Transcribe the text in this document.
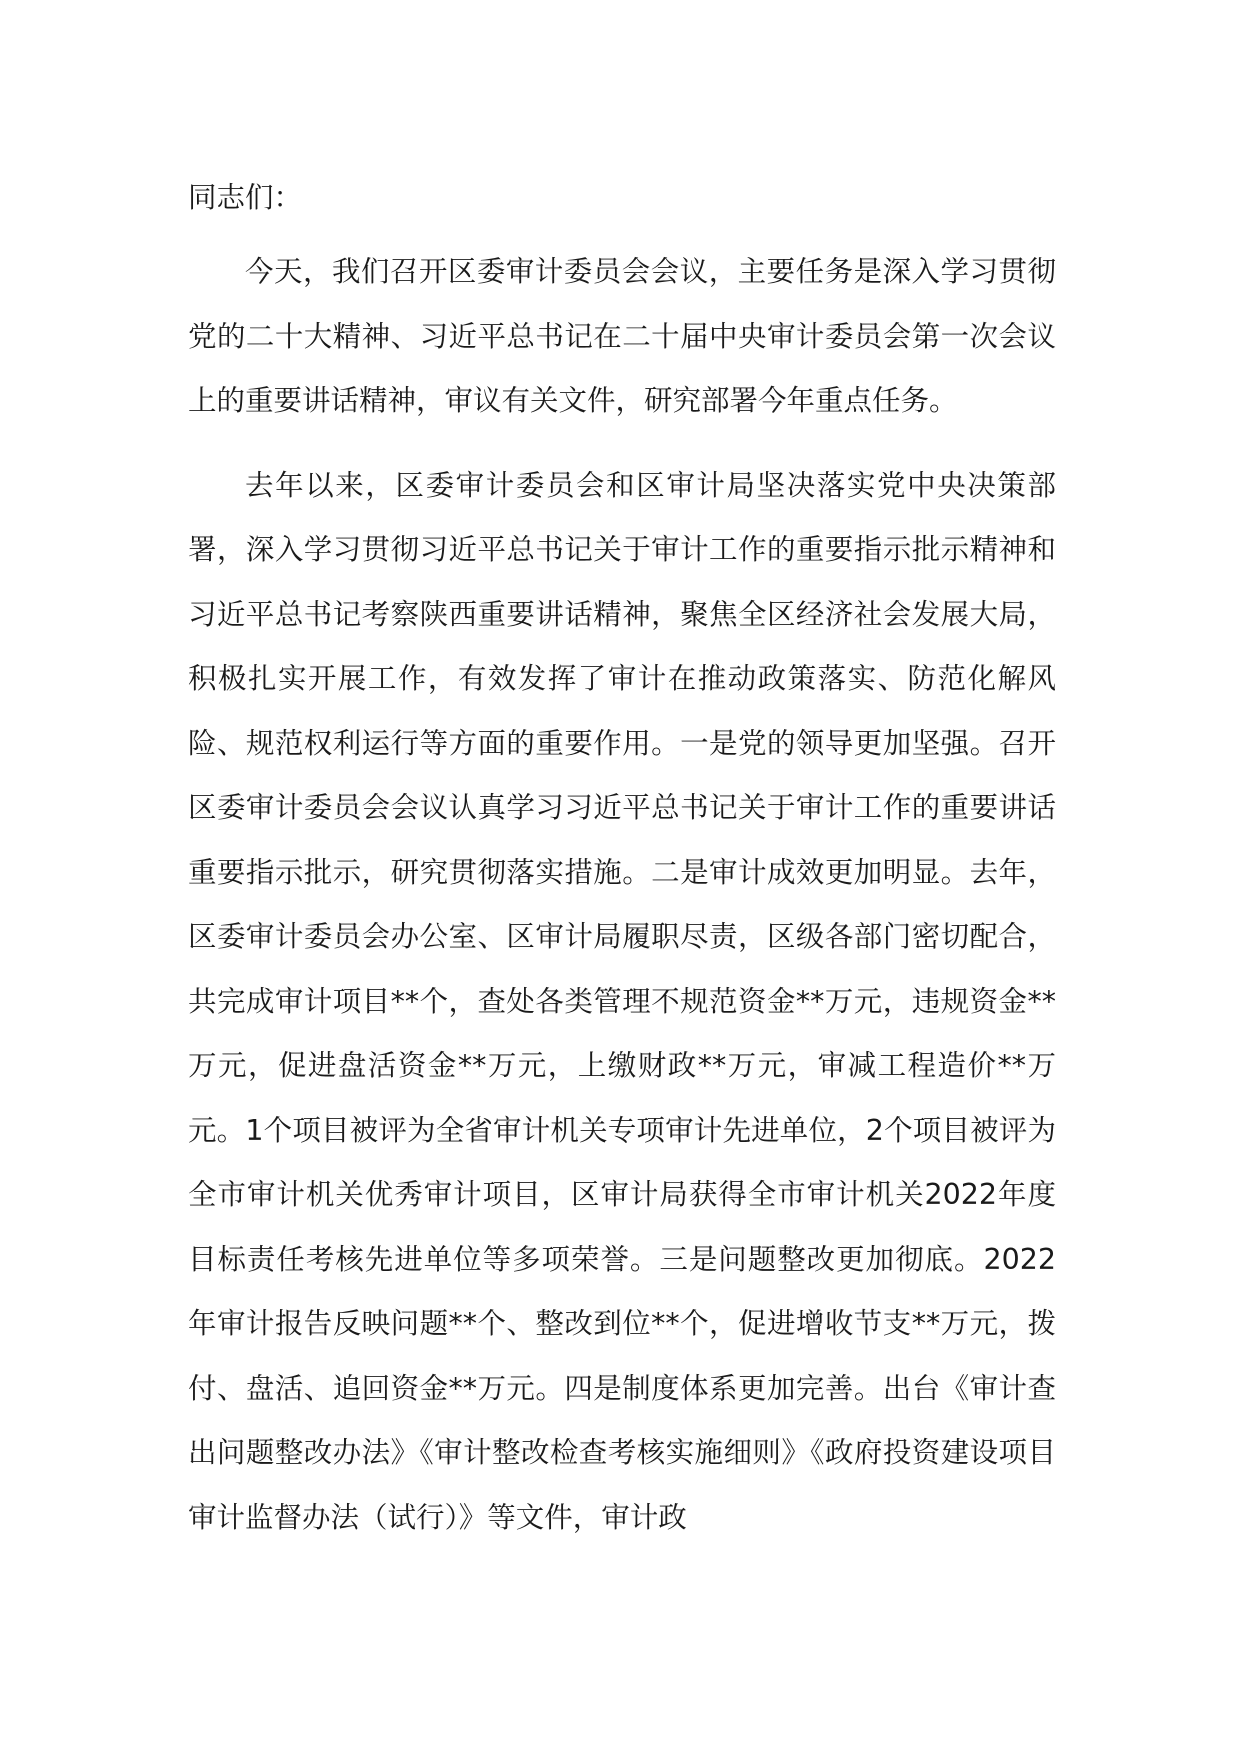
同志们：

今天，我们召开区委审计委员会会议，主要任务是深入学习贯彻党的二十大精神、习近平总书记在二十届中央审计委员会第一次会议上的重要讲话精神，审议有关文件，研究部署今年重点任务。

去年以来，区委审计委员会和区审计局坚决落实党中央决策部署，深入学习贯彻习近平总书记关于审计工作的重要指示批示精神和习近平总书记考察陕西重要讲话精神，聚焦全区经济社会发展大局，积极扎实开展工作，有效发挥了审计在推动政策落实、防范化解风险、规范权利运行等方面的重要作用。一是党的领导更加坚强。召开区委审计委员会会议认真学习习近平总书记关于审计工作的重要讲话重要指示批示，研究贯彻落实措施。二是审计成效更加明显。去年，区委审计委员会办公室、区审计局履职尽责，区级各部门密切配合，共完成审计项目**个，查处各类管理不规范资金**万元，违规资金**万元，促进盘活资金**万元，上缴财政**万元，审减工程造价**万元。1个项目被评为全省审计机关专项审计先进单位，2个项目被评为全市审计机关优秀审计项目，区审计局获得全市审计机关2022年度目标责任考核先进单位等多项荣誉。三是问题整改更加彻底。2022年审计报告反映问题**个、整改到位**个，促进增收节支**万元，拨付、盘活、追回资金**万元。四是制度体系更加完善。出台《审计查出问题整改办法》《审计整改检查考核实施细则》《政府投资建设项目审计监督办法（试行）》等文件，审计政
